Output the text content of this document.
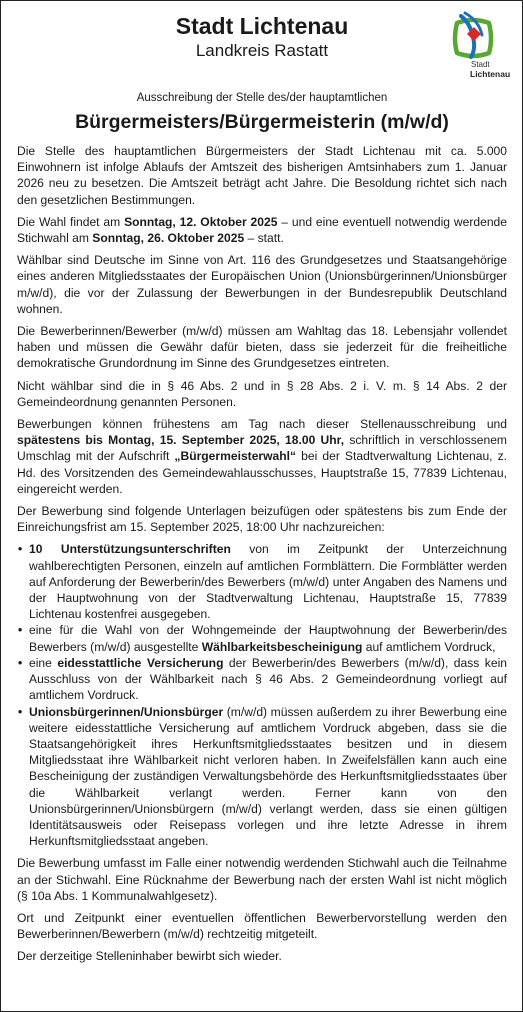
Stadt Lichtenau
Landkreis Rastatt
Stadt
Lichtenau
Ausschreibung der Stelle des/der hauptamtlichen
Bürgermeisters/Bürgermeisterin (m/w/d)

Die Stelle des hauptamtlichen Bürgermeisters der Stadt Lichtenau mit ca. 5.000 Einwohnern ist infolge Ablaufs der Amtszeit des bisherigen Amtsinhabers zum 1. Januar 2026 neu zu besetzen. Die Amtszeit beträgt acht Jahre. Die Besoldung richtet sich nach den gesetzlichen Bestimmungen.

Die Wahl findet am Sonntag, 12. Oktober 2025 – und eine eventuell notwendig werdende Stichwahl am Sonntag, 26. Oktober 2025 – statt.

Wählbar sind Deutsche im Sinne von Art. 116 des Grundgesetzes und Staatsangehörige eines anderen Mitgliedsstaates der Europäischen Union (Unionsbürgerinnen/Unionsbürger m/w/d), die vor der Zulassung der Bewerbungen in der Bundesrepublik Deutschland wohnen.

Die Bewerberinnen/Bewerber (m/w/d) müssen am Wahltag das 18. Lebensjahr vollendet haben und müssen die Gewähr dafür bieten, dass sie jederzeit für die freiheitliche demokratische Grundordnung im Sinne des Grundgesetzes eintreten.

Nicht wählbar sind die in § 46 Abs. 2 und in § 28 Abs. 2 i. V. m. § 14 Abs. 2 der Gemeindeordnung genannten Personen.

Bewerbungen können frühestens am Tag nach dieser Stellenausschreibung und spätestens bis Montag, 15. September 2025, 18.00 Uhr, schriftlich in verschlossenem Umschlag mit der Aufschrift „Bürgermeisterwahl“ bei der Stadtverwaltung Lichtenau, z. Hd. des Vorsitzenden des Gemeindewahlausschusses, Hauptstraße 15, 77839 Lichtenau, eingereicht werden.

Der Bewerbung sind folgende Unterlagen beizufügen oder spätestens bis zum Ende der Einreichungsfrist am 15. September 2025, 18:00 Uhr nachzureichen:

• 10 Unterstützungsunterschriften von im Zeitpunkt der Unterzeichnung wahlberechtigten Personen, einzeln auf amtlichen Formblättern. Die Formblätter werden auf Anforderung der Bewerberin/des Bewerbers (m/w/d) unter Angaben des Namens und der Hauptwohnung von der Stadtverwaltung Lichtenau, Hauptstraße 15, 77839 Lichtenau kostenfrei ausgegeben.
• eine für die Wahl von der Wohngemeinde der Hauptwohnung der Bewerberin/des Bewerbers (m/w/d) ausgestellte Wählbarkeitsbescheinigung auf amtlichem Vordruck,
• eine eidesstattliche Versicherung der Bewerberin/des Bewerbers (m/w/d), dass kein Ausschluss von der Wählbarkeit nach § 46 Abs. 2 Gemeindeordnung vorliegt auf amtlichem Vordruck.
• Unionsbürgerinnen/Unionsbürger (m/w/d) müssen außerdem zu ihrer Bewerbung eine weitere eidesstattliche Versicherung auf amtlichem Vordruck abgeben, dass sie die Staatsangehörigkeit ihres Herkunftsmitgliedsstaates besitzen und in diesem Mitgliedsstaat ihre Wählbarkeit nicht verloren haben. In Zweifelsfällen kann auch eine Bescheinigung der zuständigen Verwaltungsbehörde des Herkunftsmitgliedsstaates über die Wählbarkeit verlangt werden. Ferner kann von den Unionsbürgerinnen/Unionsbürgern (m/w/d) verlangt werden, dass sie einen gültigen Identitätsausweis oder Reisepass vorlegen und ihre letzte Adresse in ihrem Herkunftsmitgliedsstaat angeben.

Die Bewerbung umfasst im Falle einer notwendig werdenden Stichwahl auch die Teilnahme an der Stichwahl. Eine Rücknahme der Bewerbung nach der ersten Wahl ist nicht möglich (§ 10a Abs. 1 Kommunalwahlgesetz).

Ort und Zeitpunkt einer eventuellen öffentlichen Bewerbervorstellung werden den Bewerberinnen/Bewerbern (m/w/d) rechtzeitig mitgeteilt.

Der derzeitige Stelleninhaber bewirbt sich wieder.
